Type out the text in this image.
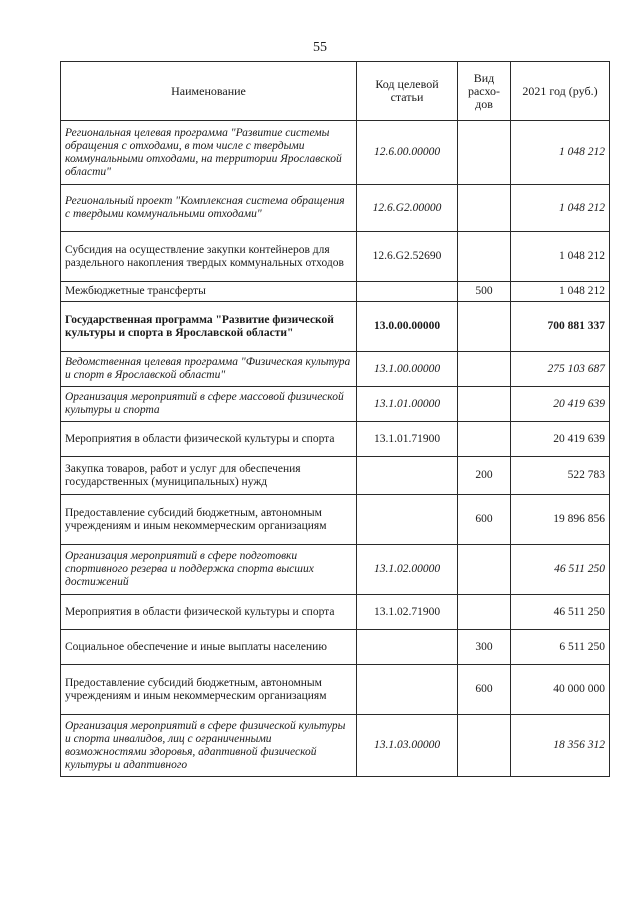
55
Наименование	Код целевой статьи	Вид расхо-дов	2021 год (руб.)
Региональная целевая программа "Развитие системы обращения с отходами, в том числе с твердыми коммунальными отходами, на территории Ярославской области"	12.6.00.00000		1 048 212
Региональный проект "Комплексная система обращения с твердыми коммунальными отходами"	12.6.G2.00000		1 048 212
Субсидия на осуществление закупки контейнеров для раздельного накопления твердых коммунальных отходов	12.6.G2.52690		1 048 212
Межбюджетные трансферты		500	1 048 212
Государственная программа "Развитие физической культуры и спорта в Ярославской области"	13.0.00.00000		700 881 337
Ведомственная целевая программа "Физическая культура и спорт в Ярославской области"	13.1.00.00000		275 103 687
Организация мероприятий в сфере массовой физической культуры и спорта	13.1.01.00000		20 419 639
Мероприятия в области физической культуры и спорта	13.1.01.71900		20 419 639
Закупка товаров, работ и услуг для обеспечения государственных (муниципальных) нужд		200	522 783
Предоставление субсидий бюджетным, автономным учреждениям и иным некоммерческим организациям		600	19 896 856
Организация мероприятий в сфере подготовки спортивного резерва и поддержка спорта высших достижений	13.1.02.00000		46 511 250
Мероприятия в области физической культуры и спорта	13.1.02.71900		46 511 250
Социальное обеспечение и иные выплаты населению		300	6 511 250
Предоставление субсидий бюджетным, автономным учреждениям и иным некоммерческим организациям		600	40 000 000
Организация мероприятий в сфере физической культуры и спорта инвалидов, лиц с ограниченными возможностями здоровья, адаптивной физической культуры и адаптивного	13.1.03.00000		18 356 312
